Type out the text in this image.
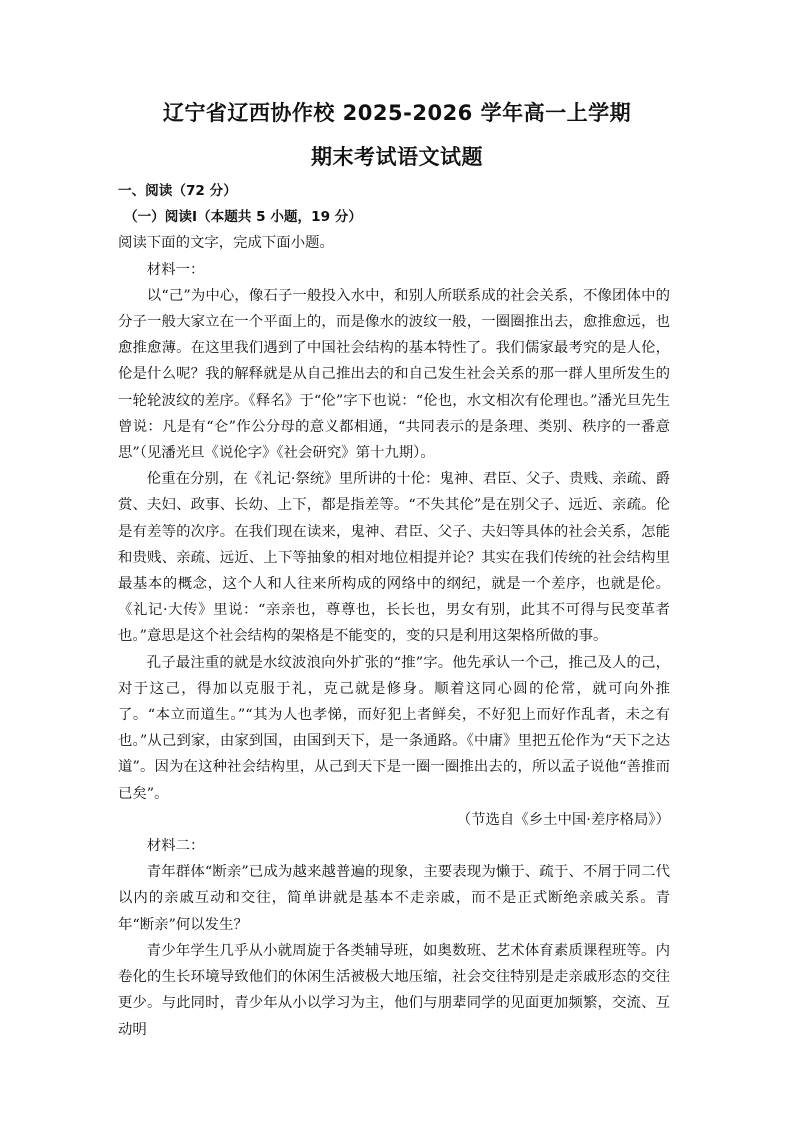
辽宁省辽西协作校 2025-2026 学年高一上学期
期末考试语文试题

一、阅读（72 分）

（一）阅读Ⅰ（本题共 5 小题，19 分）

阅读下面的文字，完成下面小题。

材料一：

以“己”为中心，像石子一般投入水中，和别人所联系成的社会关系，不像团体中的分子一般大家立在一个平面上的，而是像水的波纹一般，一圈圈推出去，愈推愈远，也愈推愈薄。在这里我们遇到了中国社会结构的基本特性了。我们儒家最考究的是人伦，伦是什么呢？我的解释就是从自己推出去的和自己发生社会关系的那一群人里所发生的一轮轮波纹的差序。《释名》于“伦”字下也说：“伦也，水文相次有伦理也。”潘光旦先生曾说：凡是有“仑”作公分母的意义都相通，“共同表示的是条理、类别、秩序的一番意思”（见潘光旦《说伦字》《社会研究》第十九期）。

伦重在分别，在《礼记·祭统》里所讲的十伦：鬼神、君臣、父子、贵贱、亲疏、爵赏、夫妇、政事、长幼、上下，都是指差等。“不失其伦”是在别父子、远近、亲疏。伦是有差等的次序。在我们现在读来，鬼神、君臣、父子、夫妇等具体的社会关系，怎能和贵贱、亲疏、远近、上下等抽象的相对地位相提并论？其实在我们传统的社会结构里最基本的概念，这个人和人往来所构成的网络中的纲纪，就是一个差序，也就是伦。《礼记·大传》里说：“亲亲也，尊尊也，长长也，男女有别，此其不可得与民变革者也。”意思是这个社会结构的架格是不能变的，变的只是利用这架格所做的事。

孔子最注重的就是水纹波浪向外扩张的“推”字。他先承认一个己，推己及人的己，对于这己，得加以克服于礼，克己就是修身。顺着这同心圆的伦常，就可向外推了。“本立而道生。”“其为人也孝悌，而好犯上者鲜矣，不好犯上而好作乱者，未之有也。”从己到家，由家到国，由国到天下，是一条通路。《中庸》里把五伦作为“天下之达道”。因为在这种社会结构里，从己到天下是一圈一圈推出去的，所以孟子说他“善推而已矣”。

（节选自《乡土中国·差序格局》）

材料二：

青年群体“断亲”已成为越来越普遍的现象，主要表现为懒于、疏于、不屑于同二代以内的亲戚互动和交往，简单讲就是基本不走亲戚，而不是正式断绝亲戚关系。青年“断亲”何以发生？

青少年学生几乎从小就周旋于各类辅导班，如奥数班、艺术体育素质课程班等。内卷化的生长环境导致他们的休闲生活被极大地压缩，社会交往特别是走亲戚形态的交往更少。与此同时，青少年从小以学习为主，他们与朋辈同学的见面更加频繁，交流、互动明
